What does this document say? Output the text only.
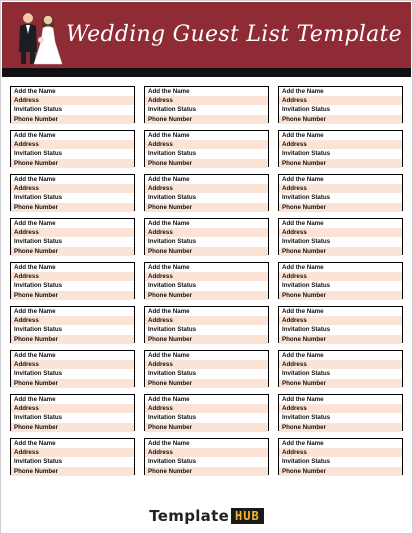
Wedding Guest List Template
Add the Name
Address
Invitation Status
Phone Number
Add the Name
Address
Invitation Status
Phone Number
Add the Name
Address
Invitation Status
Phone Number
Add the Name
Address
Invitation Status
Phone Number
Add the Name
Address
Invitation Status
Phone Number
Add the Name
Address
Invitation Status
Phone Number
Add the Name
Address
Invitation Status
Phone Number
Add the Name
Address
Invitation Status
Phone Number
Add the Name
Address
Invitation Status
Phone Number
Add the Name
Address
Invitation Status
Phone Number
Add the Name
Address
Invitation Status
Phone Number
Add the Name
Address
Invitation Status
Phone Number
Add the Name
Address
Invitation Status
Phone Number
Add the Name
Address
Invitation Status
Phone Number
Add the Name
Address
Invitation Status
Phone Number
Add the Name
Address
Invitation Status
Phone Number
Add the Name
Address
Invitation Status
Phone Number
Add the Name
Address
Invitation Status
Phone Number
Add the Name
Address
Invitation Status
Phone Number
Add the Name
Address
Invitation Status
Phone Number
Add the Name
Address
Invitation Status
Phone Number
Add the Name
Address
Invitation Status
Phone Number
Add the Name
Address
Invitation Status
Phone Number
Add the Name
Address
Invitation Status
Phone Number
Add the Name
Address
Invitation Status
Phone Number
Add the Name
Address
Invitation Status
Phone Number
Add the Name
Address
Invitation Status
Phone Number
Template HUB
